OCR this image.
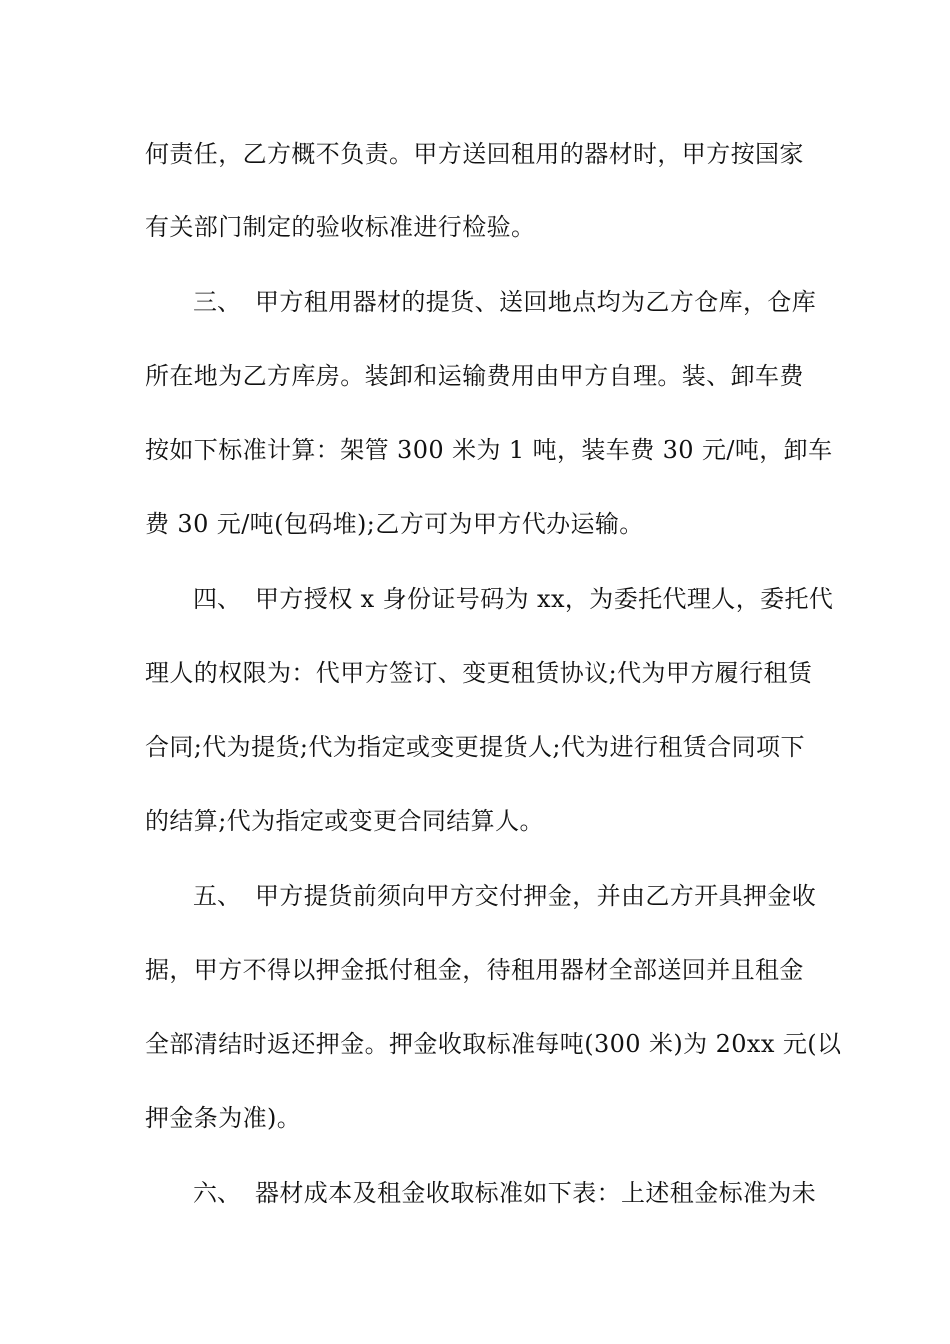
何责任，乙方概不负责。甲方送回租用的器材时，甲方按国家
有关部门制定的验收标准进行检验。
三、 甲方租用器材的提货、送回地点均为乙方仓库，仓库
所在地为乙方库房。装卸和运输费用由甲方自理。装、卸车费
按如下标准计算：架管 300 米为 1 吨，装车费 30 元/吨，卸车
费 30 元/吨(包码堆);乙方可为甲方代办运输。
四、 甲方授权 x 身份证号码为 xx，为委托代理人，委托代
理人的权限为：代甲方签订、变更租赁协议;代为甲方履行租赁
合同;代为提货;代为指定或变更提货人;代为进行租赁合同项下
的结算;代为指定或变更合同结算人。
五、 甲方提货前须向甲方交付押金，并由乙方开具押金收
据，甲方不得以押金抵付租金，待租用器材全部送回并且租金
全部清结时返还押金。押金收取标准每吨(300 米)为 20xx 元(以
押金条为准)。
六、 器材成本及租金收取标准如下表：上述租金标准为未
